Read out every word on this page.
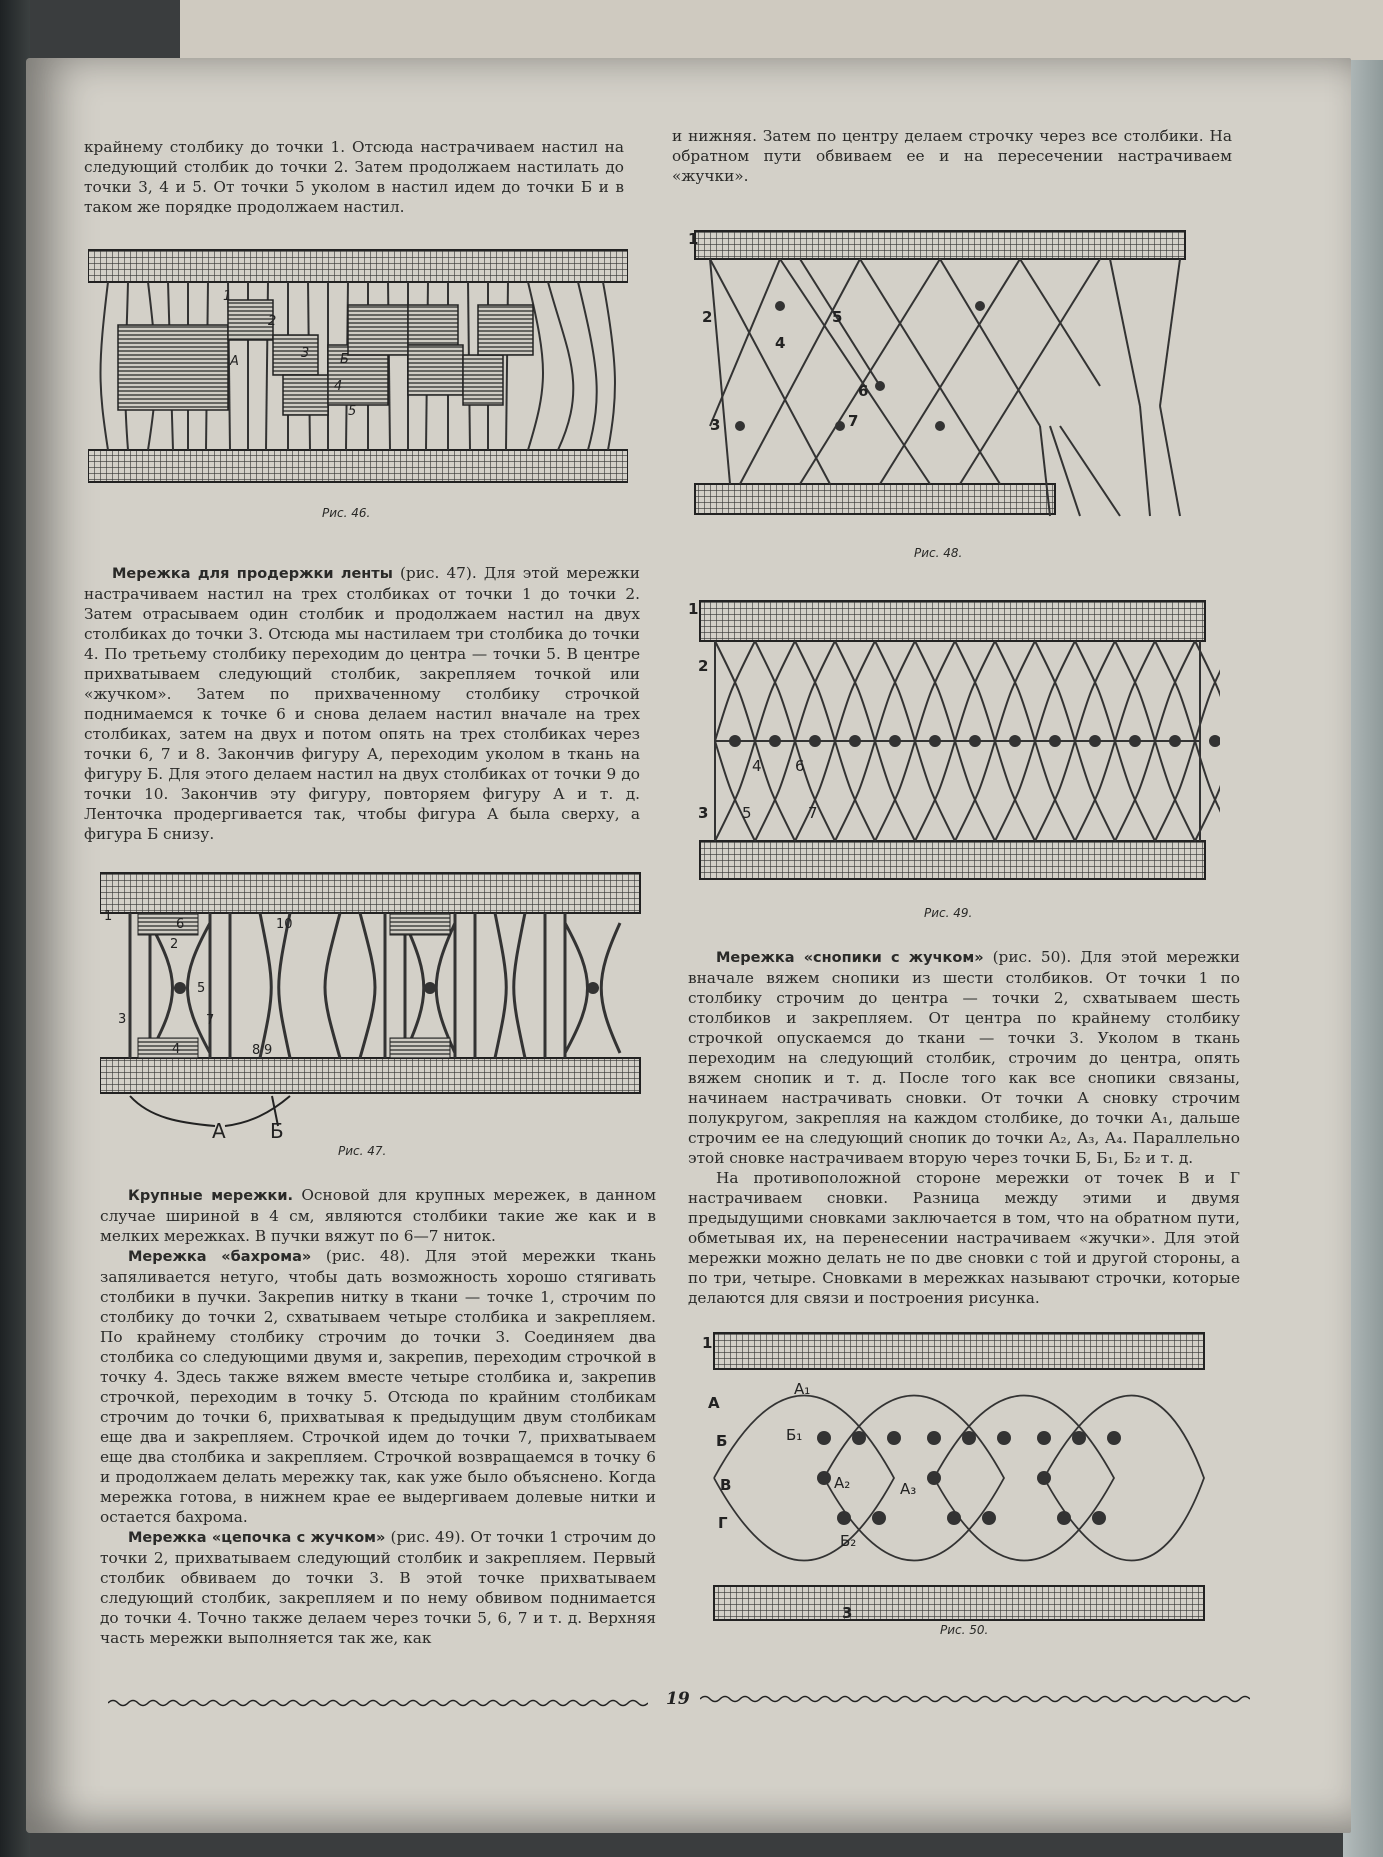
крайнему столбику до точки 1. Отсюда настрачиваем настил на следующий столбик до точки 2. Затем продолжаем настилать до точки 3, 4 и 5. От точки 5 уколом в настил идем до точки Б и в таком же порядке продолжаем настил.

1
2
3
4
5
А	Б
Рис. 46.

Мережка для продержки ленты (рис. 47). Для этой мережки настрачиваем настил на трех столбиках от точки 1 до точки 2. Затем отрасываем один столбик и продолжаем настил на двух столбиках до точки 3. Отсюда мы настилаем три столбика до точки 4. По третьему столбику переходим до центра — точки 5. В центре прихватываем следующий столбик, закрепляем точкой или «жучком». Затем по прихваченному столбику строчкой поднимаемся к точке 6 и снова делаем настил вначале на трех столбиках, затем на двух и потом опять на трех столбиках через точки 6, 7 и 8. Закончив фигуру А, переходим уколом в ткань на фигуру Б. Для этого делаем настил на двух столбиках от точки 9 до точки 10. Закончив эту фигуру, повторяем фигуру А и т. д. Ленточка продергивается так, чтобы фигура А была сверху, а фигура Б снизу.

1
2
3
4
5
6
7
8 9
10
А Б
Рис. 47.

Крупные мережки. Основой для крупных мережек, в данном случае шириной в 4 см, являются столбики такие же как и в мелких мережках. В пучки вяжут по 6—7 ниток.

Мережка «бахрома» (рис. 48). Для этой мережки ткань запяливается нетуго, чтобы дать возможность хорошо стягивать столбики в пучки. Закрепив нитку в ткани — точке 1, строчим по столбику до точки 2, схватываем четыре столбика и закрепляем. По крайнему столбику строчим до точки 3. Соединяем два столбика со следующими двумя и, закрепив, переходим строчкой в точку 4. Здесь также вяжем вместе четыре столбика и, закрепив строчкой, переходим в точку 5. Отсюда по крайним столбикам строчим до точки 6, прихватывая к предыдущим двум столбикам еще два и закрепляем. Строчкой идем до точки 7, прихватываем еще два столбика и закрепляем. Строчкой возвращаемся в точку 6 и продолжаем делать мережку так, как уже было объяснено. Когда мережка готова, в нижнем крае ее выдергиваем долевые нитки и остается бахрома.

Мережка «цепочка с жучком» (рис. 49). От точки 1 строчим до точки 2, прихватываем следующий столбик и закрепляем. Первый столбик обвиваем до точки 3. В этой точке прихватываем следующий столбик, закрепляем и по нему обвивом поднимается до точки 4. Точно также делаем через точки 5, 6, 7 и т. д. Верхняя часть мережки выполняется так же, как

и нижняя. Затем по центру делаем строчку через все столбики. На обратном пути обвиваем ее и на пересечении настрачиваем «жучки».

1
2
3
4
5
6
7
Рис. 48.
1
2
3
4
5
6
7
Рис. 49.

Мережка «снопики с жучком» (рис. 50). Для этой мережки вначале вяжем снопики из шести столбиков. От точки 1 по столбику строчим до центра — точки 2, схватываем шесть столбиков и закрепляем. От центра по крайнему столбику строчкой опускаемся до ткани — точки 3. Уколом в ткань переходим на следующий столбик, строчим до центра, опять вяжем снопик и т. д. После того как все снопики связаны, начинаем настрачивать сновки. От точки А сновку строчим полукругом, закрепляя на каждом столбике, до точки А₁, дальше строчим ее на следующий снопик до точки А₂, А₃, А₄. Параллельно этой сновке настрачиваем вторую через точки Б, Б₁, Б₂ и т. д.

На противоположной стороне мережки от точек В и Г настрачиваем сновки. Разница между этими и двумя предыдущими сновками заключается в том, что на обратном пути, обметывая их, на перенесении настрачиваем «жучки». Для этой мережки можно делать не по две сновки с той и другой стороны, а по три, четыре. Сновками в мережках называют строчки, которые делаются для связи и построения рисунка.

1
3
А
Б
В
Г
А₁
А₂	А₃
Б₁
Б₂
Рис. 50.
19
